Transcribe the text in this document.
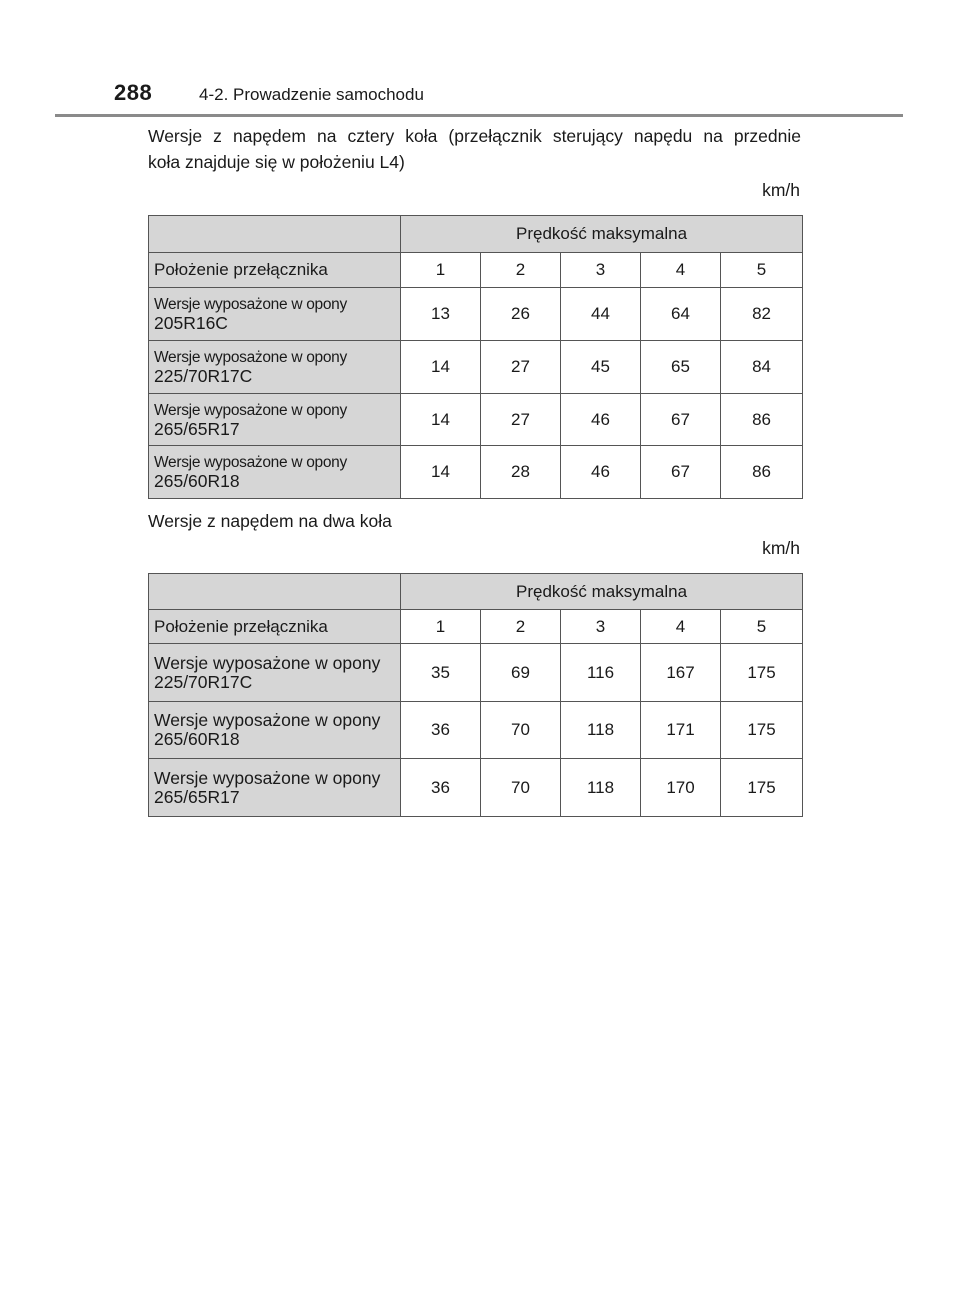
288	4-2. Prowadzenie samochodu
Wersje z napędem na cztery koła (przełącznik sterujący napędu na przednie
koła znajduje się w położeniu L4)
km/h
	Prędkość maksymalna				
Położenie przełącznika	1	2	3	4	5

Wersje wyposażone w opony
205R16C	13	26	44	64	82

Wersje wyposażone w opony
225/70R17C	14	27	45	65	84

Wersje wyposażone w opony
265/65R17	14	27	46	67	86

Wersje wyposażone w opony
265/60R18	14	28	46	67	86
Wersje z napędem na dwa koła
km/h
	Prędkość maksymalna				
Położenie przełącznika	1	2	3	4	5

Wersje wyposażone w opony
225/70R17C	35	69	116	167	175

Wersje wyposażone w opony
265/60R18	36	70	118	171	175

Wersje wyposażone w opony
265/65R17	36	70	118	170	175
